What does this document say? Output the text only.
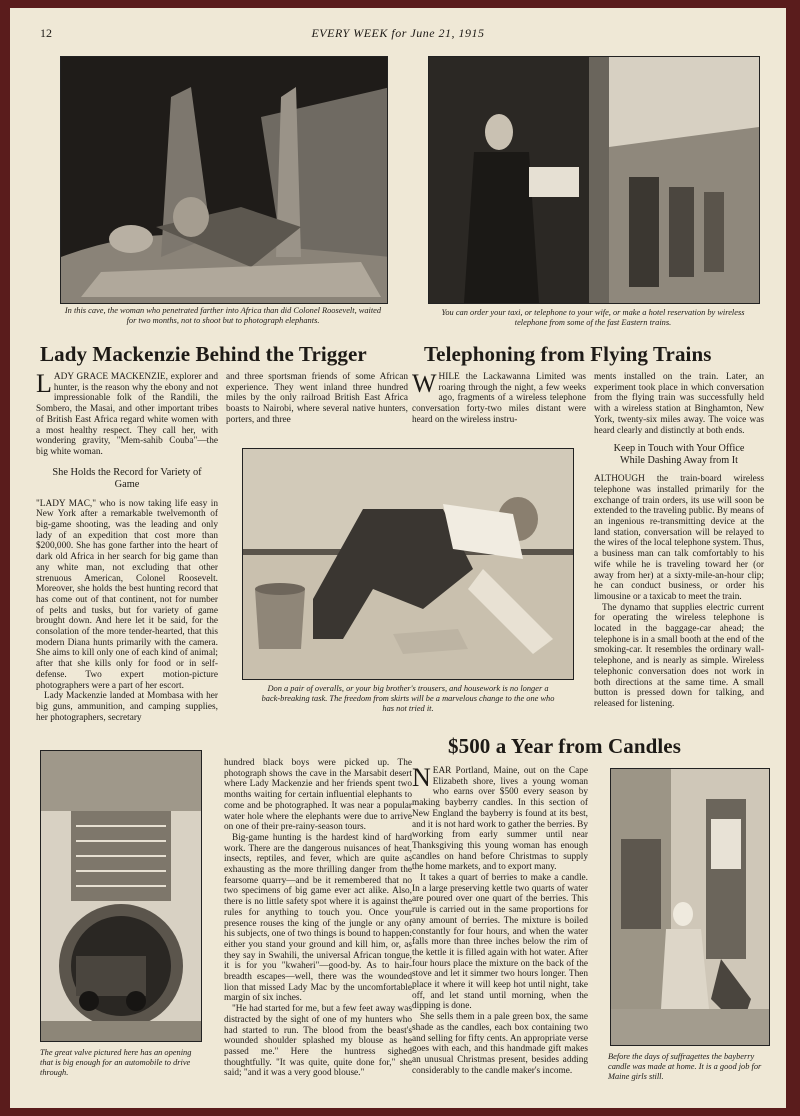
12	EVERY WEEK for June 21, 1915
In this cave, the woman who penetrated farther into Africa than did Colonel Roosevelt, waited for two months, not to shoot but to photograph elephants.
You can order your taxi, or telephone to your wife, or make a hotel reservation by wireless telephone from some of the fast Eastern trains.
Lady Mackenzie Behind the Trigger	Telephoning from Flying Trains

LADY GRACE MACKENZIE, explorer and hunter, is the reason why the ebony and not impressionable folk of the Randili, the Sombero, the Masai, and other important tribes of British East Africa regard white women with a most healthy respect. They call her, with wondering gravity, "Mem-sahib Couba"—the big white woman.

She Holds the Record for Variety of Game

"LADY MAC," who is now taking life easy in New York after a remarkable twelvemonth of big-game shooting, was the leading and only lady of an expedition that cost more than $200,000. She has gone farther into the heart of dark old Africa in her search for big game than any white man, not excluding that other strenuous American, Colonel Roosevelt. Moreover, she holds the best hunting record that has come out of that continent, not for number of pelts and tusks, but for variety of game brought down. And here let it be said, for the consolation of the more tender-hearted, that this modern Diana hunts primarily with the camera. She aims to kill only one of each kind of animal; after that she kills only for food or in self-defense. Two expert motion-picture photographers were a part of her escort.

Lady Mackenzie landed at Mombasa with her big guns, ammunition, and camping supplies, her photographers, secretary

and three sportsman friends of some African experience. They went inland three hundred miles by the only railroad British East Africa boasts to Nairobi, where several native hunters, porters, and three

WHILE the Lackawanna Limited was roaring through the night, a few weeks ago, fragments of a wireless telephone conversation forty-two miles distant were heard on the wireless instru-

ments installed on the train. Later, an experiment took place in which conversation from the flying train was successfully held with a wireless station at Binghamton, New York, twenty-six miles away. The voice was heard clearly and distinctly at both ends.

Keep in Touch with Your Office While Dashing Away from It

ALTHOUGH the train-board wireless telephone was installed primarily for the exchange of train orders, its use will soon be extended to the traveling public. By means of an ingenious re-transmitting device at the land station, conversation will be relayed to the wires of the local telephone system. Thus, a business man can talk comfortably to his wife while he is traveling toward her (or away from her) at a sixty-mile-an-hour clip; he can conduct business, or order his limousine or a taxicab to meet the train.

The dynamo that supplies electric current for operating the wireless telephone is located in the baggage-car ahead; the telephone is in a small booth at the end of the smoking-car. It resembles the ordinary wall-telephone, and is nearly as simple. Wireless telephonic conversation does not work in both directions at the same time. A small button is pressed down for talking, and released for listening.

Don a pair of overalls, or your big brother's trousers, and housework is no longer a back-breaking task. The freedom from skirts will be a marvelous change to the one who has not tried it.
The great valve pictured here has an opening that is big enough for an automobile to drive through.

hundred black boys were picked up. The photograph shows the cave in the Marsabit desert where Lady Mackenzie and her friends spent two months waiting for certain influential elephants to come and be photographed. It was near a popular water hole where the elephants were due to arrive on one of their pre-rainy-season tours.

Big-game hunting is the hardest kind of hard work. There are the dangerous nuisances of heat, insects, reptiles, and fever, which are quite as exhausting as the more thrilling danger from the fearsome quarry—and be it remembered that no two specimens of big game ever act alike. Also, there is no little safety spot where it is against the rules for anything to touch you. Once your presence rouses the king of the jungle or any of his subjects, one of two things is bound to happen: either you stand your ground and kill him, or, as they say in Swahili, the universal African tongue, it is for you "kwaheri"—good-by. As to hair-breadth escapes—well, there was the wounded lion that missed Lady Mac by the uncomfortable margin of six inches.

"He had started for me, but a few feet away was distracted by the sight of one of my hunters who had started to run. The blood from the beast's wounded shoulder splashed my blouse as he passed me." Here the huntress sighed thoughtfully. "It was quite, quite done for," she said; "and it was a very good blouse."

$500 a Year from Candles

NEAR Portland, Maine, out on the Cape Elizabeth shore, lives a young woman who earns over $500 every season by making bayberry candles. In this section of New England the bayberry is found at its best, and it is not hard work to gather the berries. By working from early summer until near Thanksgiving this young woman has enough candles on hand before Christmas to supply the home markets, and to export many.

It takes a quart of berries to make a candle. In a large preserving kettle two quarts of water are poured over one quart of the berries. This rule is carried out in the same proportions for any amount of berries. The mixture is boiled constantly for four hours, and when the water falls more than three inches below the rim of the kettle it is filled again with hot water. After four hours place the mixture on the back of the stove and let it simmer two hours longer. Then place it where it will keep hot until night, take off, and let stand until morning, when the dipping is done.

She sells them in a pale green box, the same shade as the candles, each box containing two and selling for fifty cents. An appropriate verse goes with each, and this handmade gift makes an unusual Christmas present, besides adding considerably to the candle maker's income.

Before the days of suffragettes the bayberry candle was made at home. It is a good job for Maine girls still.
